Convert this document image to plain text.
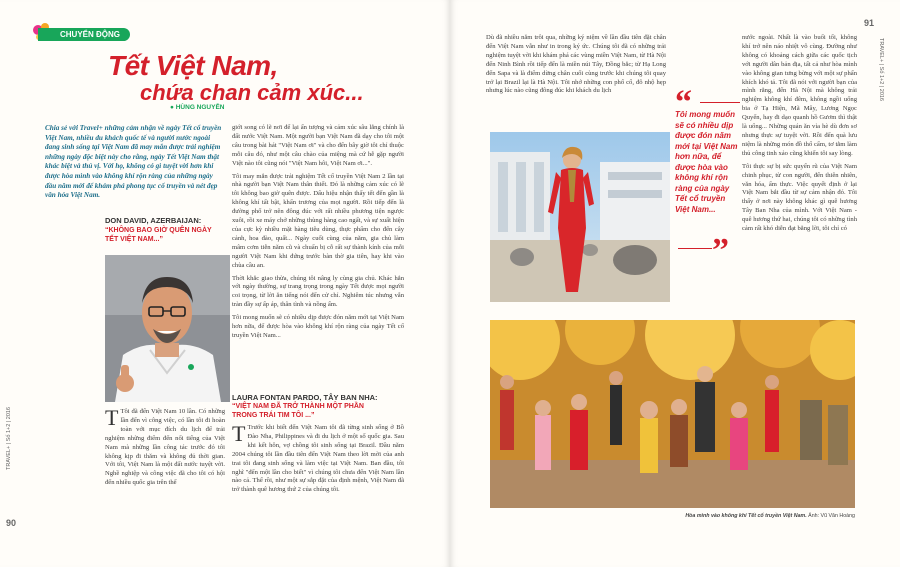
CHUYỂN ĐỘNG
Tết Việt Nam,
chứa chan cảm xúc...
● HÙNG NGUYỄN
Chia sẻ với Travel+ những cảm nhận về ngày Tết cổ truyền Việt Nam, nhiều du khách quốc tế và người nước ngoài đang sinh sống tại Việt Nam đã may mắn được trải nghiệm những ngày độc biệt này cho rằng, ngày Tết Việt Nam thật khác biệt và thú vị. Với họ, không có gì tuyệt vời hơn khi được hòa mình vào không khí rộn ràng của những ngày đầu năm mới để khám phá phong tục cổ truyền và nét đẹp văn hóa Việt Nam.
DON DAVID, AZERBAIJAN:
“KHÔNG BAO GIỜ QUÊN NGÀY TẾT VIỆT NAM...”
T Tôi đã đến Việt Nam 10 lần. Có những lần đến vì công việc, có lần tôi đi hoàn toàn với mục đích du lịch để trải nghiệm những điểm đến nổi tiếng của Việt Nam mà những lần công tác trước đó tôi không kịp đi thăm và không đủ thời gian. Với tôi, Việt Nam là một đất nước tuyệt vời. Nghề nghiệp và công việc đã cho tôi có hội đến nhiều quốc gia trên thế

giới song có lẽ nơi để lại ấn tượng và cảm xúc sâu lắng chính là đất nước Việt Nam. Một người bạn Việt Nam đã dạy cho tôi một câu trong bài hát "Việt Nam ơi" và cho đến bây giờ tôi chỉ thuộc mỗi câu đó, như một câu chào của miệng mà cứ hễ gặp người Việt nào tôi cũng nói "Việt Nam hôi, Việt Nam ơi...".

Tôi may mắn được trải nghiệm Tết cổ truyền Việt Nam 2 lần tại nhà người bạn Việt Nam thân thiết. Đó là những cảm xúc có lẽ tôi không bao giờ quên được. Dấu hiệu nhận thấy tết đến gần là không khí tất bật, khẩn trương của mọi người. Rồi tiếp đến là đường phố trở nên đông đúc với rất nhiều phương tiện ngược xuôi, rồi xe máy chở những thùng hàng cao ngất, và sự xuất hiện của cực kỳ nhiều mặt hàng tiêu dùng, thực phẩm cho đến cây cảnh, hoa đào, quất... Ngày cuối cùng của năm, gia chủ làm mâm cơm tiễn năm cũ và chuẩn bị cỗ rất sự thành kính của mỗi người Việt Nam khi đứng trước bàn thờ gia tiên, hay khi vào chùa cầu an.

Thời khắc giao thừa, chúng tôi nâng ly cùng gia chủ. Khác hẳn với ngày thường, sự trang trọng trong ngày Tết được mọi người coi trọng, từ lời ăn tiếng nói đến cử chỉ. Nghiêm túc nhưng vẫn tràn đầy sự ấp áp, thân tình và nồng ấm.

Tôi mong muốn sẽ có nhiều dịp được đón năm mới tại Việt Nam hơn nữa, để được hòa vào không khí rộn ràng của ngày Tết cổ truyền Việt Nam...

LAURA FONTAN PARDO, TÂY BAN NHA:
“VIỆT NAM ĐÃ TRỞ THÀNH MỘT PHẦN TRONG TRÁI TIM TÔI ...”
T Trước khi biết đến Việt Nam tôi đã từng sinh sống ở Bồ Đào Nha, Philippines và đi du lịch ở một số quốc gia. Sau khi kết hôn, vợ chồng tôi sinh sống tại Brazil. Đầu năm 2004 chúng tôi lần đầu tiên đến Việt Nam theo lời mời của anh trai tôi đang sinh sống và làm việc tại Việt Nam. Ban đầu, tôi nghĩ "đến một lần cho biết" vì chúng tôi chưa đến Việt Nam lần nào cả. Thế rồi, như một sự sắp đặt của định mệnh, Việt Nam đã trở thành quê hương thứ 2 của chúng tôi.
TRAVEL+ | Số 1+2 | 2016
90
91
TRAVEL+ | Số 1+2 | 2016
Dù đã nhiều năm trôi qua, những ký niệm về lần đầu tiên đặt chân đến Việt Nam vẫn như in trong ký ức. Chúng tôi đã có những trải nghiệm tuyệt vời khi khám phá các vùng miền Việt Nam, từ Hà Nội đến Ninh Bình rồi tiếp đến là miền núi Tây, Đồng bắc; từ Hạ Long đến Sapa và là điểm dừng chân cuối cùng trước khi chúng tôi quay trở lại Brazil lại là Hà Nội. Tôi nhớ những con phố cổ, đô nhộ hẹp nhưng lúc nào cũng đông đúc khi khách du lịch	“
Tôi mong muốn sẽ có nhiều dịp được đón năm mới tại Việt Nam hơn nữa, để được hòa vào không khí rộn ràng của ngày Tết cổ truyền Việt Nam...
”

nước ngoài. Nhất là vào buổi tối, không khí trở nên náo nhiệt vô cùng. Đường như không có khoảng cách giữa các quốc tịch với người dân bản địa, tất cả như hòa mình vào không gian tưng bừng với một sự phấn khích khó tả. Tôi đã nói với người bạn của mình rằng, đến Hà Nội mà không trải nghiệm không khí đêm, không ngồi uống bia ở Tạ Hiện, Mã Mây, Lương Ngọc Quyến, hay đi dạo quanh hồ Gươm thì thật là uổng... Những quán ăn vỉa hè dù đơn sơ nhưng thực sự tuyệt vời. Rồi đến quà lưu niệm là những món đồ thổ cẩm, tơ tằm làm thủ công tinh xảo cũng khiến tôi say lòng.

Tôi thực sự bị sức quyến rũ của Việt Nam chinh phục, từ con người, đến thiên nhiên, văn hóa, ẩm thực. Việc quyết định ở lại Việt Nam bắt đầu từ sự cảm nhận đó. Tôi thấy ở nơi này không khác gì quê hương Tây Ban Nha của mình. Với Việt Nam - quê hương thứ hai, chúng tôi có những tình cảm rất khó diễn đạt bằng lời, tôi chỉ có

Hòa mình vào không khí Tết cổ truyền Việt Nam. Ảnh: Vũ Văn Hoàng
